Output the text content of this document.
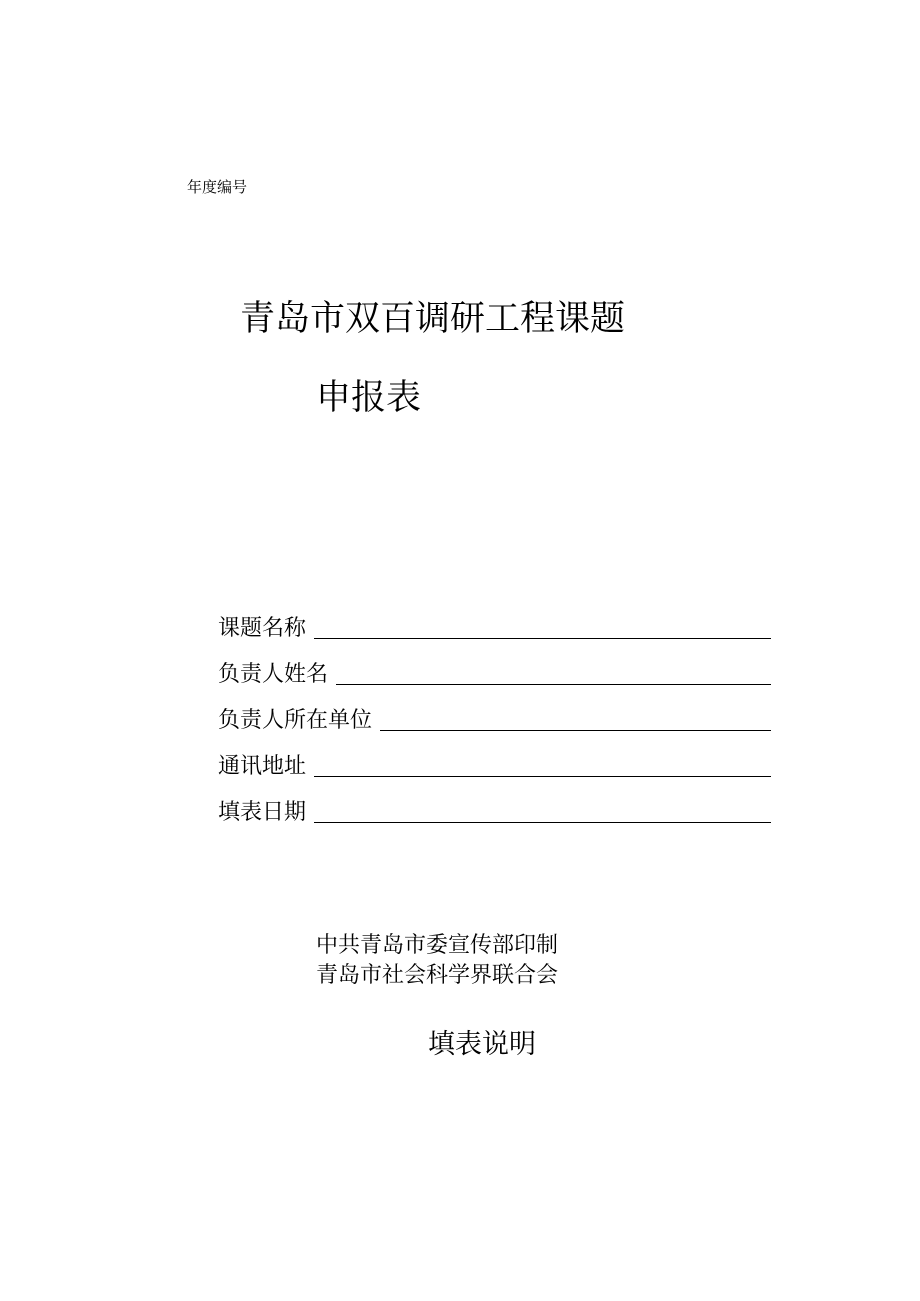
年度编号
青岛市双百调研工程课题
申报表
课题名称
负责人姓名
负责人所在单位
通讯地址
填表日期
中共青岛市委宣传部印制
青岛市社会科学界联合会
填表说明
